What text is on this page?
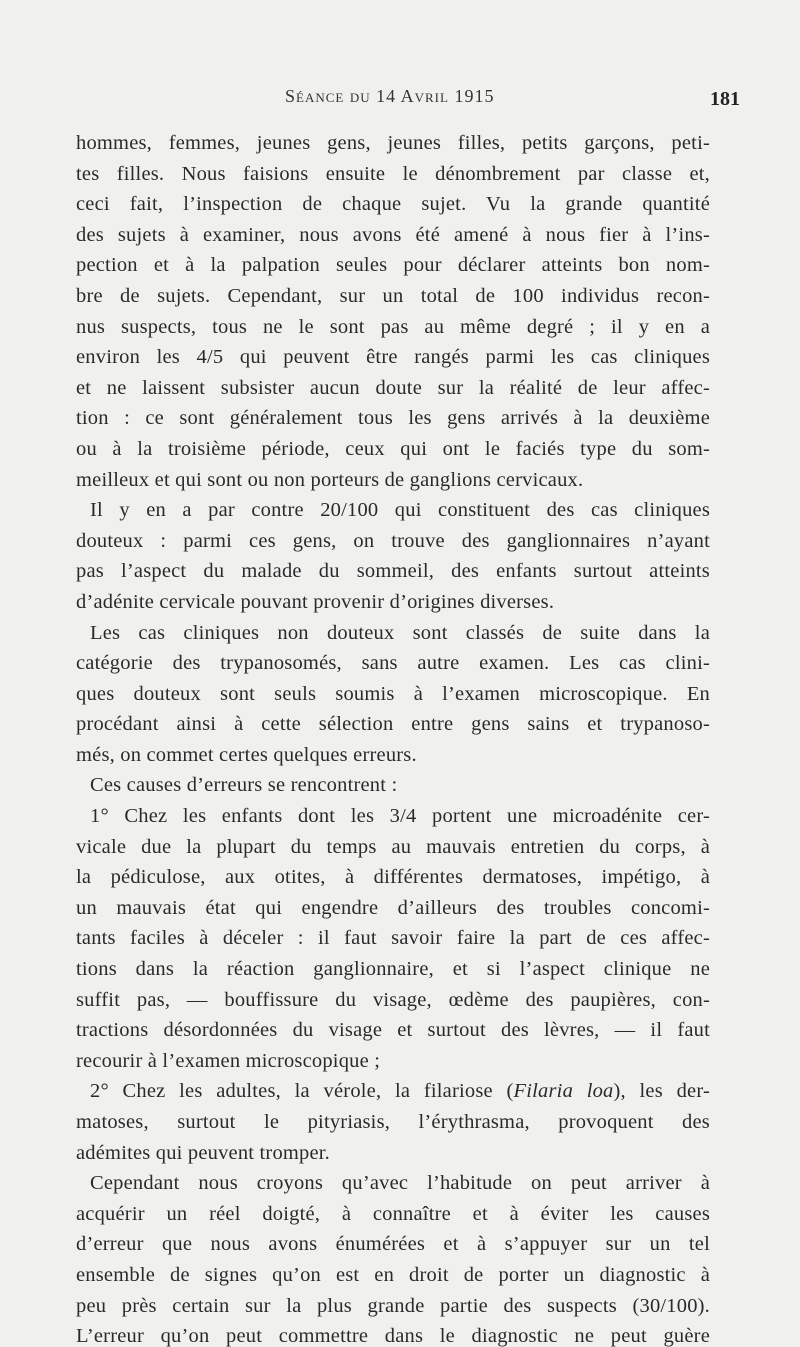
Séance du 14 Avril 1915	181
hommes, femmes, jeunes gens, jeunes filles, petits garçons, peti-
tes filles. Nous faisions ensuite le dénombrement par classe et,
ceci fait, l’inspection de chaque sujet. Vu la grande quantité
des sujets à examiner, nous avons été amené à nous fier à l’ins-
pection et à la palpation seules pour déclarer atteints bon nom-
bre de sujets. Cependant, sur un total de 100 individus recon-
nus suspects, tous ne le sont pas au même degré ; il y en a
environ les 4/5 qui peuvent être rangés parmi les cas cliniques
et ne laissent subsister aucun doute sur la réalité de leur affec-
tion : ce sont généralement tous les gens arrivés à la deuxième
ou à la troisième période, ceux qui ont le faciés type du som-
meilleux et qui sont ou non porteurs de ganglions cervicaux.
Il y en a par contre 20/100 qui constituent des cas cliniques
douteux : parmi ces gens, on trouve des ganglionnaires n’ayant
pas l’aspect du malade du sommeil, des enfants surtout atteints
d’adénite cervicale pouvant provenir d’origines diverses.
Les cas cliniques non douteux sont classés de suite dans la
catégorie des trypanosomés, sans autre examen. Les cas clini-
ques douteux sont seuls soumis à l’examen microscopique. En
procédant ainsi à cette sélection entre gens sains et trypanoso-
més, on commet certes quelques erreurs.
Ces causes d’erreurs se rencontrent :
1° Chez les enfants dont les 3/4 portent une microadénite cer-
vicale due la plupart du temps au mauvais entretien du corps, à
la pédiculose, aux otites, à différentes dermatoses, impétigo, à
un mauvais état qui engendre d’ailleurs des troubles concomi-
tants faciles à déceler : il faut savoir faire la part de ces affec-
tions dans la réaction ganglionnaire, et si l’aspect clinique ne
suffit pas, — bouffissure du visage, œdème des paupières, con-
tractions désordonnées du visage et surtout des lèvres, — il faut
recourir à l’examen microscopique ;
2° Chez les adultes, la vérole, la filariose (Filaria loa), les der-
matoses, surtout le pityriasis, l’érythrasma, provoquent des
adémites qui peuvent tromper.
Cependant nous croyons qu’avec l’habitude on peut arriver à
acquérir un réel doigté, à connaître et à éviter les causes
d’erreur que nous avons énumérées et à s’appuyer sur un tel
ensemble de signes qu’on est en droit de porter un diagnostic à
peu près certain sur la plus grande partie des suspects (30/100).
L’erreur qu’on peut commettre dans le diagnostic ne peut guère
